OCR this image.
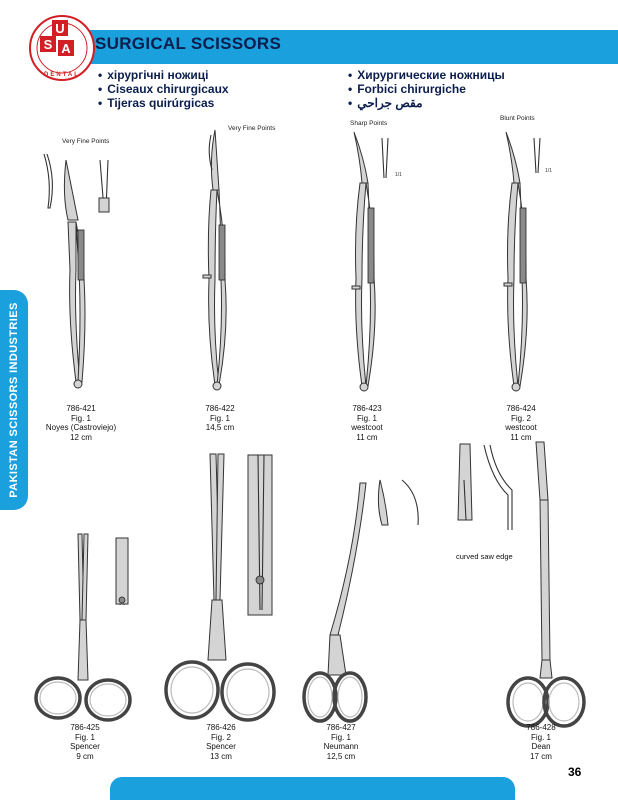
SURGICAL SCISSORS
U
S A
DENTAL
•	хірургічні ножиці
• Ciseaux chirurgicaux
• Tijeras quirúrgicas
• Хирургические ножницы
• Forbici chirurgiche
• مقص جراحي
PAKISTAN SCISSORS INDUSTRIES
Very Fine Points
Very Fine Points
Sharp Points
Blunt Points
1/1
1/1
786-421
Fig. 1
Noyes (Castroviejo)
12 cm
786-422
Fig. 1
14,5 cm
786-423
Fig. 1
westcoot
11 cm
786-424
Fig. 2
westcoot
11 cm
curved saw edge
786-425
Fig. 1
Spencer
9 cm
786-426
Fig. 2
Spencer
13 cm
786-427
Fig. 1
Neumann
12,5 cm
786-428
Fig. 1
Dean
17 cm
36
